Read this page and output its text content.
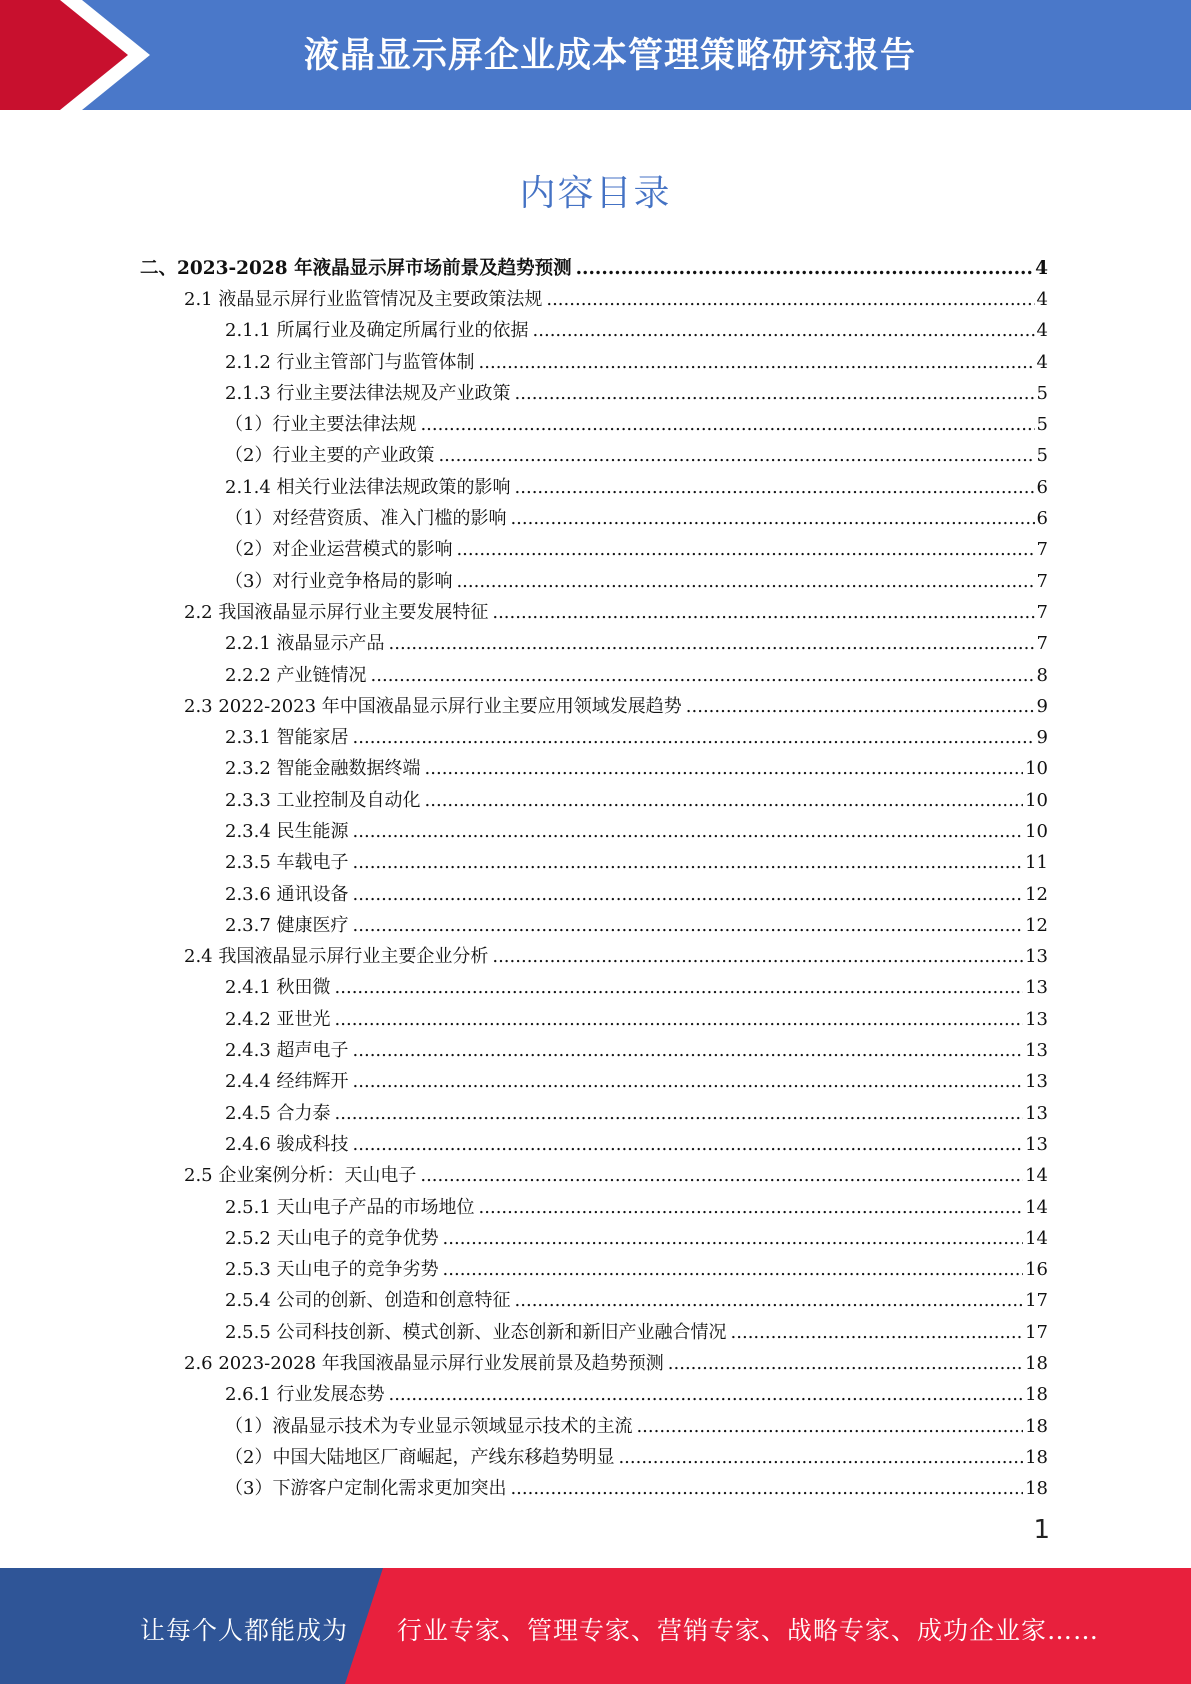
液晶显示屏企业成本管理策略研究报告
内容目录
二、2023-2028 年液晶显示屏市场前景及趋势预测 .....	4
2.1 液晶显示屏行业监管情况及主要政策法规 .....	4
2.1.1 所属行业及确定所属行业的依据 .....	4
2.1.2 行业主管部门与监管体制 .....	4
2.1.3 行业主要法律法规及产业政策 .....	5
（1）行业主要法律法规 .....	5
（2）行业主要的产业政策 .....	5
2.1.4 相关行业法律法规政策的影响 .....	6
（1）对经营资质、准入门槛的影响 .....	6
（2）对企业运营模式的影响 .....	7
（3）对行业竞争格局的影响 .....	7
2.2 我国液晶显示屏行业主要发展特征 .....	7
2.2.1 液晶显示产品 .....	7
2.2.2 产业链情况 .....	8
2.3 2022-2023 年中国液晶显示屏行业主要应用领域发展趋势 .....	9
2.3.1 智能家居 .....	9
2.3.2 智能金融数据终端 .....	10
2.3.3 工业控制及自动化 .....	10
2.3.4 民生能源 .....	10
2.3.5 车载电子 .....	11
2.3.6 通讯设备 .....	12
2.3.7 健康医疗 .....	12
2.4 我国液晶显示屏行业主要企业分析 .....	13
2.4.1 秋田微 .....	13
2.4.2 亚世光 .....	13
2.4.3 超声电子 .....	13
2.4.4 经纬辉开 .....	13
2.4.5 合力泰 .....	13
2.4.6 骏成科技 .....	13
2.5 企业案例分析：天山电子 .....	14
2.5.1 天山电子产品的市场地位 .....	14
2.5.2 天山电子的竞争优势 .....	14
2.5.3 天山电子的竞争劣势 .....	16
2.5.4 公司的创新、创造和创意特征 .....	17
2.5.5 公司科技创新、模式创新、业态创新和新旧产业融合情况 .....	17
2.6 2023-2028 年我国液晶显示屏行业发展前景及趋势预测 .....	18
2.6.1 行业发展态势 .....	18
（1）液晶显示技术为专业显示领域显示技术的主流 .....	18
（2）中国大陆地区厂商崛起，产线东移趋势明显 .....	18
（3）下游客户定制化需求更加突出 .....	18
1
让每个人都能成为 行业专家、管理专家、营销专家、战略专家、成功企业家……
